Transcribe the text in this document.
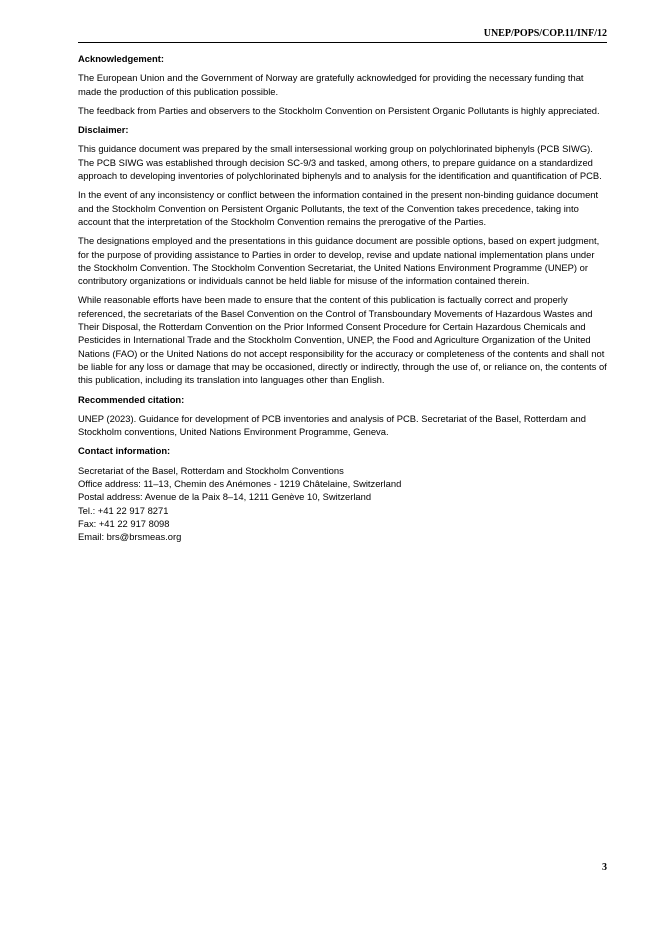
UNEP/POPS/COP.11/INF/12
Acknowledgement:

The European Union and the Government of Norway are gratefully acknowledged for providing the necessary funding that made the production of this publication possible.

The feedback from Parties and observers to the Stockholm Convention on Persistent Organic Pollutants is highly appreciated.

Disclaimer:

This guidance document was prepared by the small intersessional working group on polychlorinated biphenyls (PCB SIWG). The PCB SIWG was established through decision SC-9/3 and tasked, among others, to prepare guidance on a standardized approach to developing inventories of polychlorinated biphenyls and to analysis for the identification and quantification of PCB.

In the event of any inconsistency or conflict between the information contained in the present non-binding guidance document and the Stockholm Convention on Persistent Organic Pollutants, the text of the Convention takes precedence, taking into account that the interpretation of the Stockholm Convention remains the prerogative of the Parties.

The designations employed and the presentations in this guidance document are possible options, based on expert judgment, for the purpose of providing assistance to Parties in order to develop, revise and update national implementation plans under the Stockholm Convention. The Stockholm Convention Secretariat, the United Nations Environment Programme (UNEP) or contributory organizations or individuals cannot be held liable for misuse of the information contained therein.

While reasonable efforts have been made to ensure that the content of this publication is factually correct and properly referenced, the secretariats of the Basel Convention on the Control of Transboundary Movements of Hazardous Wastes and Their Disposal, the Rotterdam Convention on the Prior Informed Consent Procedure for Certain Hazardous Chemicals and Pesticides in International Trade and the Stockholm Convention, UNEP, the Food and Agriculture Organization of the United Nations (FAO) or the United Nations do not accept responsibility for the accuracy or completeness of the contents and shall not be liable for any loss or damage that may be occasioned, directly or indirectly, through the use of, or reliance on, the contents of this publication, including its translation into languages other than English.

Recommended citation:

UNEP (2023). Guidance for development of PCB inventories and analysis of PCB. Secretariat of the Basel, Rotterdam and Stockholm conventions, United Nations Environment Programme, Geneva.

Contact information:
Secretariat of the Basel, Rotterdam and Stockholm Conventions
Office address: 11–13, Chemin des Anémones - 1219 Châtelaine, Switzerland
Postal address: Avenue de la Paix 8–14, 1211 Genève 10, Switzerland
Tel.: +41 22 917 8271
Fax: +41 22 917 8098
Email: brs@brsmeas.org
3
